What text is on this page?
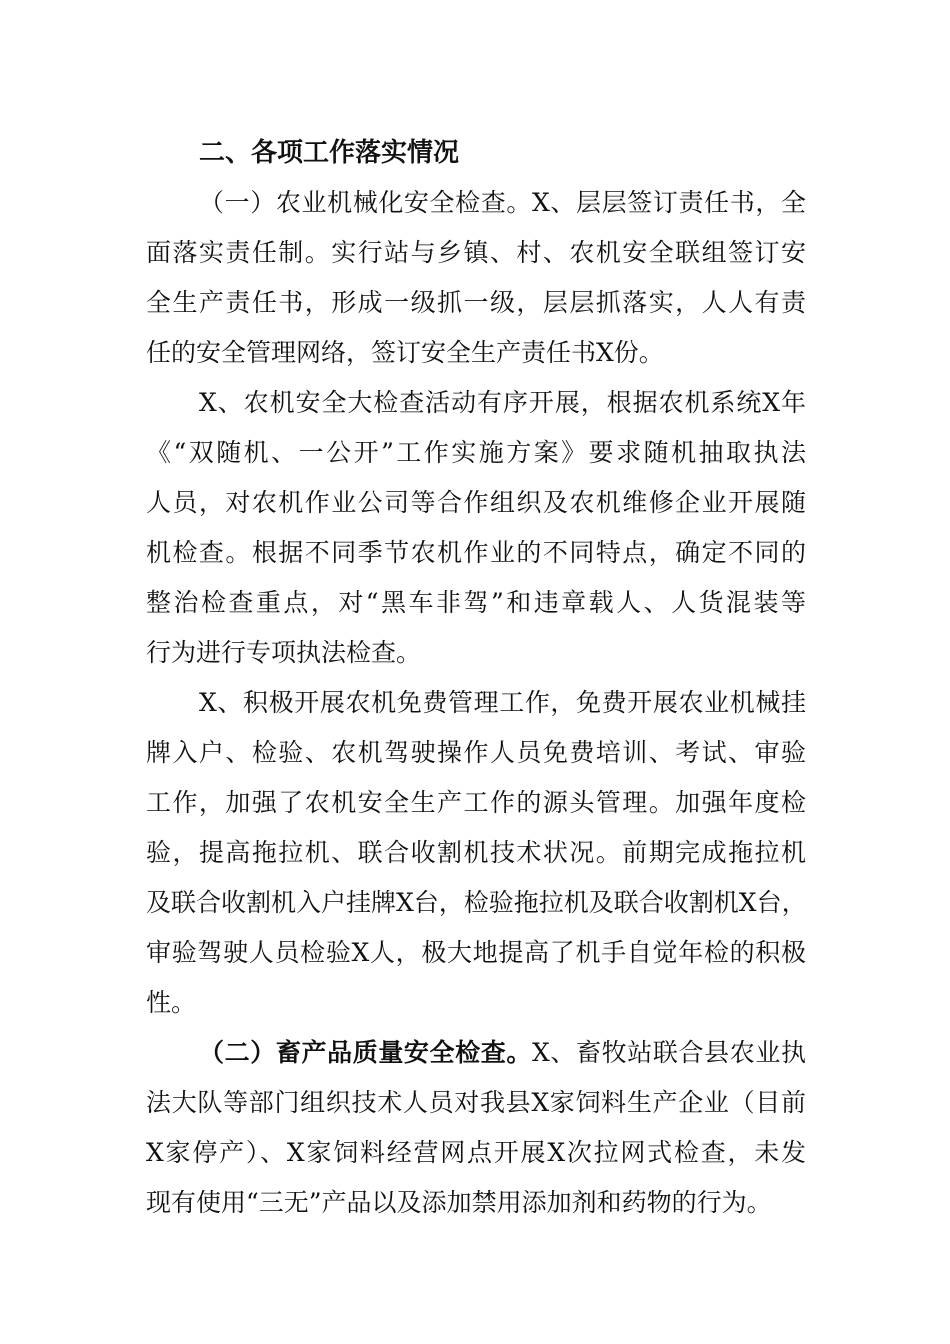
二、各项工作落实情况

（一）农业机械化安全检查。X、层层签订责任书，全
面落实责任制。实行站与乡镇、村、农机安全联组签订安
全生产责任书，形成一级抓一级，层层抓落实，人人有责
任的安全管理网络，签订安全生产责任书X份。
X、农机安全大检查活动有序开展，根据农机系统X年
《“双随机、一公开”工作实施方案》要求随机抽取执法
人员，对农机作业公司等合作组织及农机维修企业开展随
机检查。根据不同季节农机作业的不同特点，确定不同的
整治检查重点，对“黑车非驾”和违章载人、人货混装等
行为进行专项执法检查。
X、积极开展农机免费管理工作，免费开展农业机械挂
牌入户、检验、农机驾驶操作人员免费培训、考试、审验
工作，加强了农机安全生产工作的源头管理。加强年度检
验，提高拖拉机、联合收割机技术状况。前期完成拖拉机
及联合收割机入户挂牌X台，检验拖拉机及联合收割机X台，
审验驾驶人员检验X人，极大地提高了机手自觉年检的积极
性。
（二）畜产品质量安全检查。X、畜牧站联合县农业执
法大队等部门组织技术人员对我县X家饲料生产企业（目前
X家停产）、X家饲料经营网点开展X次拉网式检查，未发
现有使用“三无”产品以及添加禁用添加剂和药物的行为。
